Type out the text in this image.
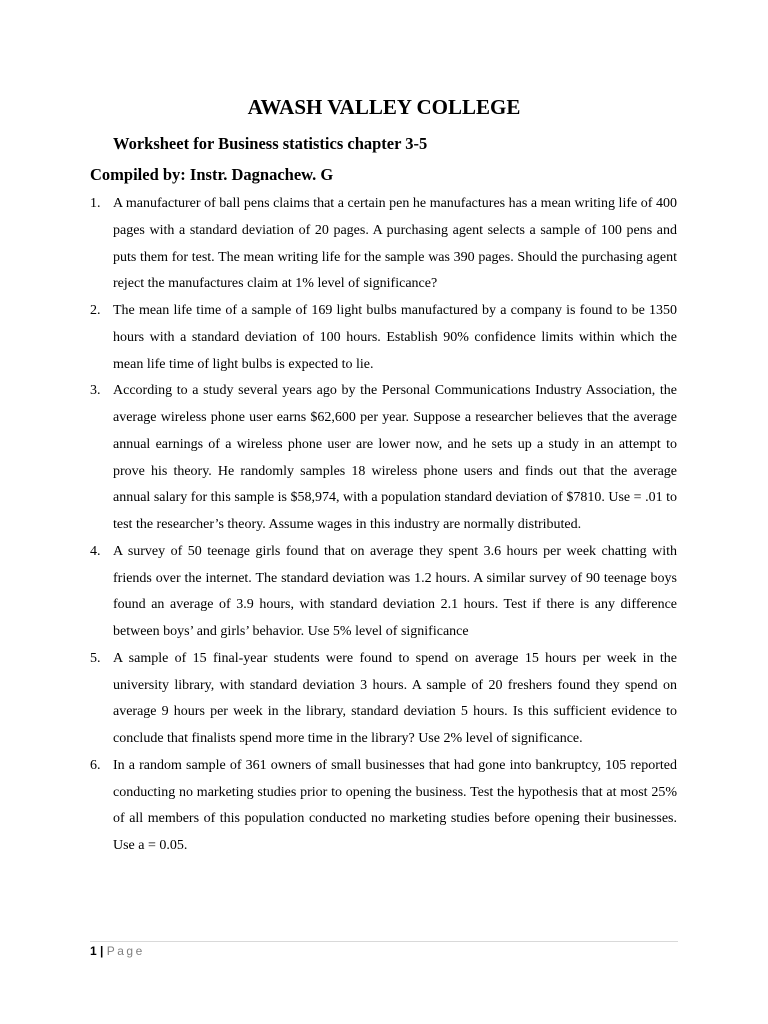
AWASH VALLEY COLLEGE
Worksheet for Business statistics chapter 3-5
Compiled by: Instr. Dagnachew. G
1. A manufacturer of ball pens claims that a certain pen he manufactures has a mean writing life of 400 pages with a standard deviation of 20 pages. A purchasing agent selects a sample of 100 pens and puts them for test. The mean writing life for the sample was 390 pages. Should the purchasing agent reject the manufactures claim at 1% level of significance?
2. The mean life time of a sample of 169 light bulbs manufactured by a company is found to be 1350 hours with a standard deviation of 100 hours. Establish 90% confidence limits within which the mean life time of light bulbs is expected to lie.
3. According to a study several years ago by the Personal Communications Industry Association, the average wireless phone user earns $62,600 per year. Suppose a researcher believes that the average annual earnings of a wireless phone user are lower now, and he sets up a study in an attempt to prove his theory. He randomly samples 18 wireless phone users and finds out that the average annual salary for this sample is $58,974, with a population standard deviation of $7810. Use = .01 to test the researcher’s theory. Assume wages in this industry are normally distributed.
4. A survey of 50 teenage girls found that on average they spent 3.6 hours per week chatting with friends over the internet. The standard deviation was 1.2 hours. A similar survey of 90 teenage boys found an average of 3.9 hours, with standard deviation 2.1 hours. Test if there is any difference between boys’ and girls’ behavior. Use 5% level of significance
5. A sample of 15 final-year students were found to spend on average 15 hours per week in the university library, with standard deviation 3 hours. A sample of 20 freshers found they spend on average 9 hours per week in the library, standard deviation 5 hours. Is this sufficient evidence to conclude that finalists spend more time in the library? Use 2% level of significance.
6. In a random sample of 361 owners of small businesses that had gone into bankruptcy, 105 reported conducting no marketing studies prior to opening the business. Test the hypothesis that at most 25% of all members of this population conducted no marketing studies before opening their businesses. Use a = 0.05.
1 | Page
